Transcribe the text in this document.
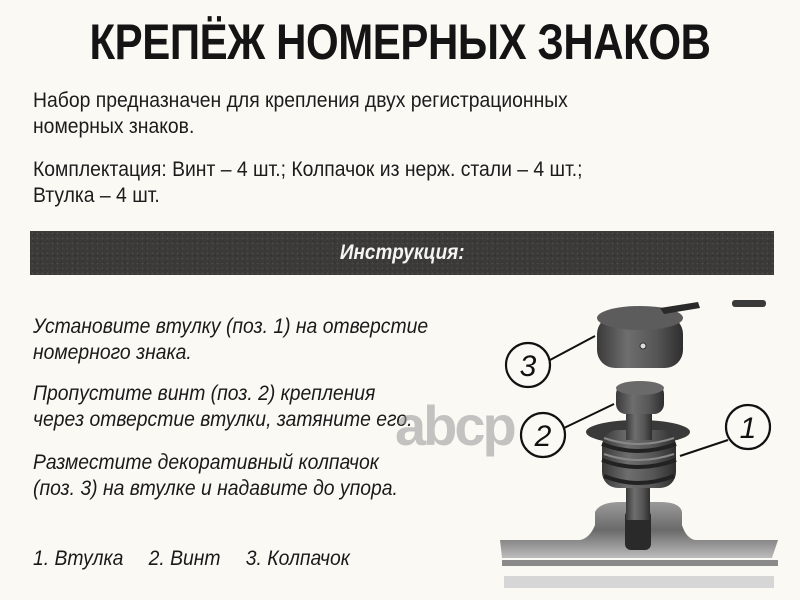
КРЕПЁЖ НОМЕРНЫХ ЗНАКОВ
Набор предназначен для крепления двух регистрационных
номерных знаков.
Комплектация: Винт – 4 шт.; Колпачок из нерж. стали – 4 шт.;
Втулка – 4 шт.
Инструкция:
Установите втулку (поз. 1) на отверстие
номерного знака.
Пропустите винт (поз. 2) крепления
через отверстие втулки, затяните его.
Разместите декоративный колпачок
(поз. 3) на втулке и надавите до упора.
1. Втулка 2. Винт 3. Колпачок
3
2	1
abcp
